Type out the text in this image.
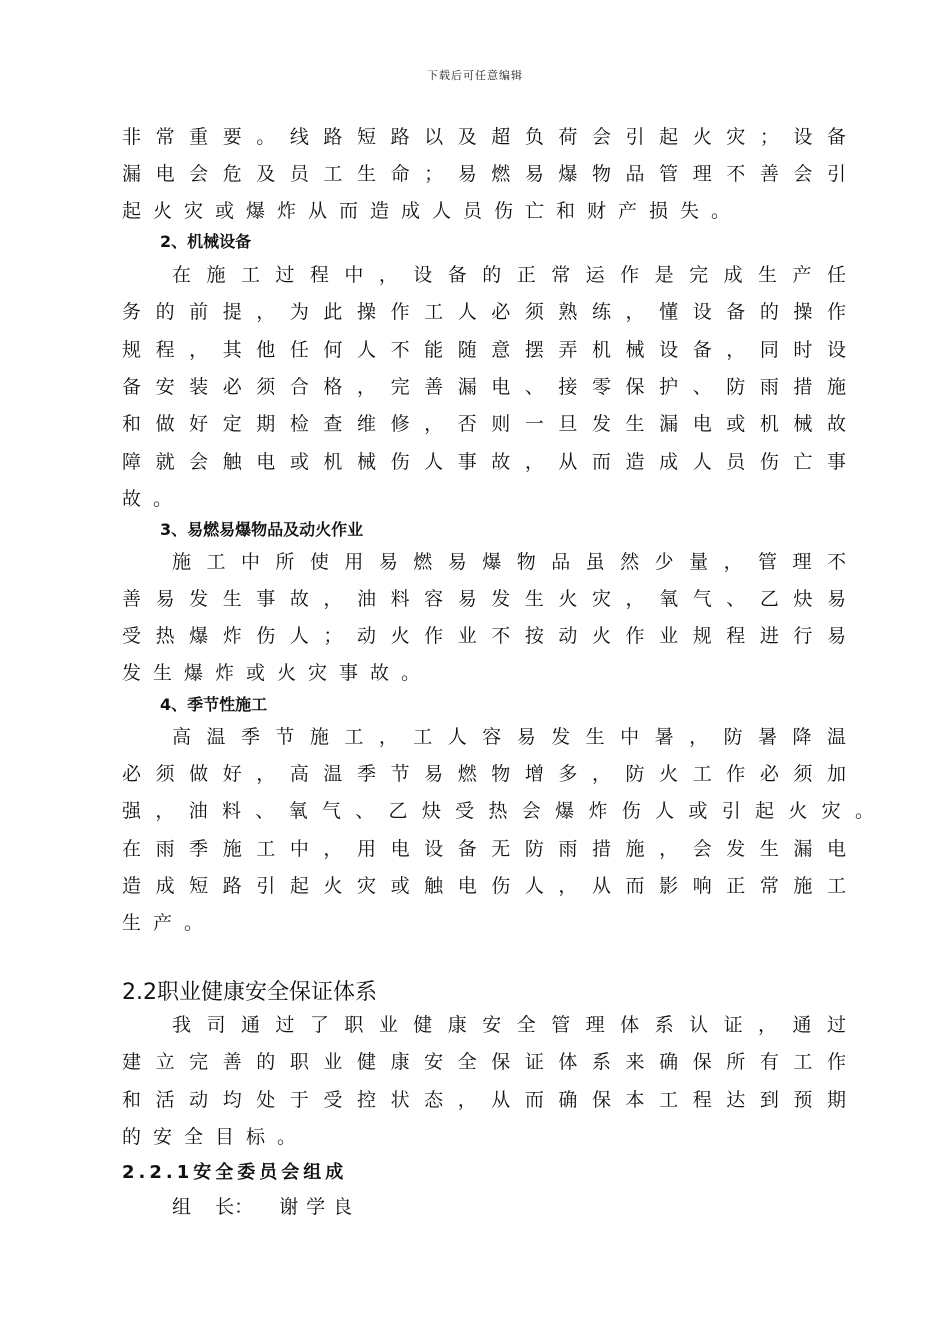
下载后可任意编辑
非常重要。线路短路以及超负荷会引起火灾；设备
漏电会危及员工生命；易燃易爆物品管理不善会引
起火灾或爆炸从而造成人员伤亡和财产损失。
2、机械设备
在施工过程中，设备的正常运作是完成生产任
务的前提，为此操作工人必须熟练，懂设备的操作
规程，其他任何人不能随意摆弄机械设备，同时设
备安装必须合格，完善漏电、接零保护、防雨措施
和做好定期检查维修，否则一旦发生漏电或机械故
障就会触电或机械伤人事故，从而造成人员伤亡事
故。
3、易燃易爆物品及动火作业
施工中所使用易燃易爆物品虽然少量，管理不
善易发生事故，油料容易发生火灾，氧气、乙炔易
受热爆炸伤人；动火作业不按动火作业规程进行易
发生爆炸或火灾事故。
4、季节性施工
高温季节施工，工人容易发生中暑，防暑降温
必须做好，高温季节易燃物增多，防火工作必须加
强，油料、氧气、乙炔受热会爆炸伤人或引起火灾。
在雨季施工中，用电设备无防雨措施，会发生漏电
造成短路引起火灾或触电伤人，从而影响正常施工
生产。
2.2职业健康安全保证体系
我司通过了职业健康安全管理体系认证，通过
建立完善的职业健康安全保证体系来确保所有工作
和活动均处于受控状态，从而确保本工程达到预期
的安全目标。
2.2.1安全委员会组成
组    长： 谢学良
